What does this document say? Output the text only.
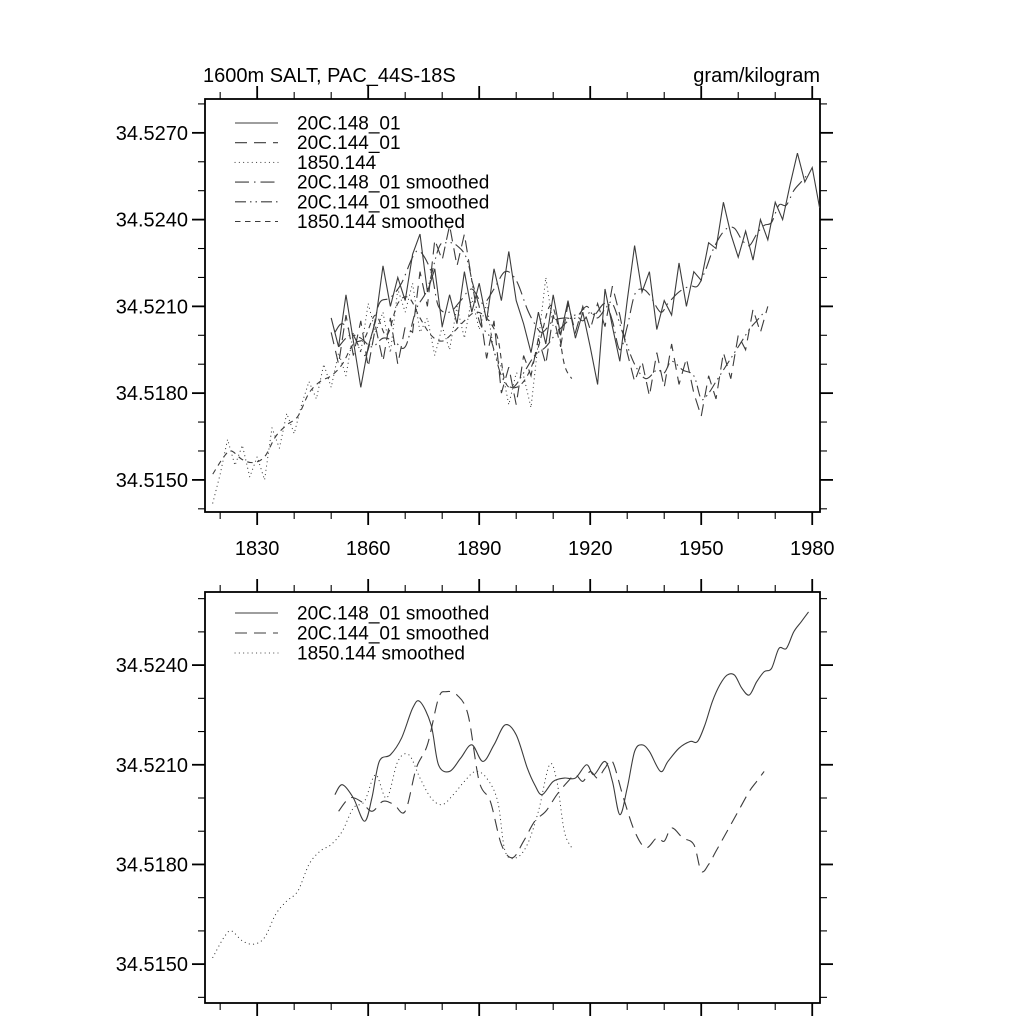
1600m SALT, PAC_44S-18S	gram/kilogram
1830	1860	1890	1920	1950	1980
34.5150
34.5180
34.5210
34.5240
34.5270	20C.148_01
20C.144_01
1850.144
20C.148_01 smoothed
20C.144_01 smoothed
1850.144 smoothed
34.5150
34.5180
34.5210
34.5240
20C.148_01 smoothed
20C.144_01 smoothed
1850.144 smoothed
